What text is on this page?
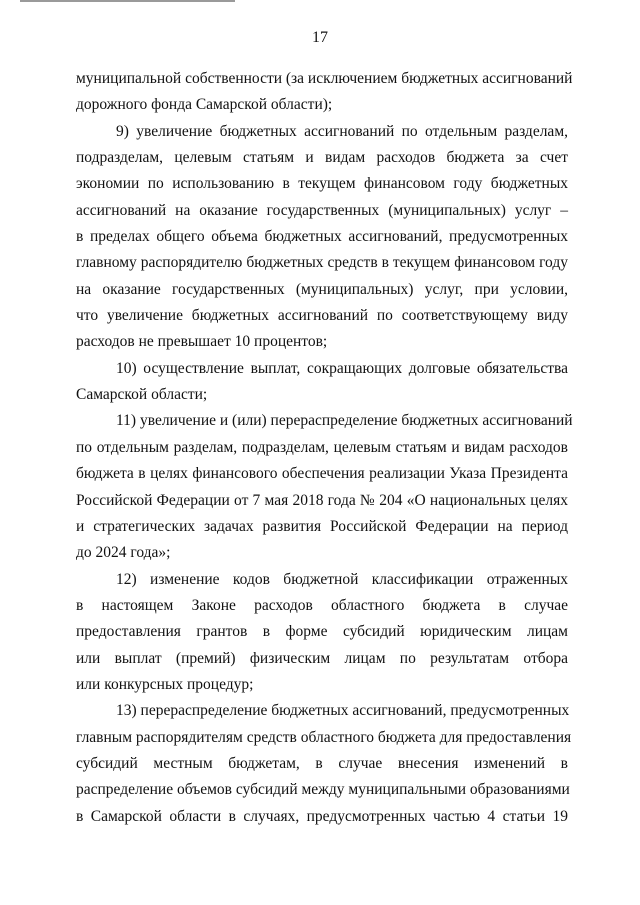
17
муниципальной собственности (за исключением бюджетных ассигнований
дорожного фонда Самарской области);
9) увеличение бюджетных ассигнований по отдельным разделам,
подразделам, целевым статьям и видам расходов бюджета за счет
экономии по использованию в текущем финансовом году бюджетных
ассигнований на оказание государственных (муниципальных) услуг –
в пределах общего объема бюджетных ассигнований, предусмотренных
главному распорядителю бюджетных средств в текущем финансовом году
на оказание государственных (муниципальных) услуг, при условии,
что увеличение бюджетных ассигнований по соответствующему виду
расходов не превышает 10 процентов;
10) осуществление выплат, сокращающих долговые обязательства
Самарской области;
11) увеличение и (или) перераспределение бюджетных ассигнований
по отдельным разделам, подразделам, целевым статьям и видам расходов
бюджета в целях финансового обеспечения реализации Указа Президента
Российской Федерации от 7 мая 2018 года № 204 «О национальных целях
и стратегических задачах развития Российской Федерации на период
до 2024 года»;
12) изменение кодов бюджетной классификации отраженных
в настоящем Законе расходов областного бюджета в случае
предоставления грантов в форме субсидий юридическим лицам
или выплат (премий) физическим лицам по результатам отбора
или конкурсных процедур;
13) перераспределение бюджетных ассигнований, предусмотренных
главным распорядителям средств областного бюджета для предоставления
субсидий местным бюджетам, в случае внесения изменений в
распределение объемов субсидий между муниципальными образованиями
в Самарской области в случаях, предусмотренных частью 4 статьи 19
